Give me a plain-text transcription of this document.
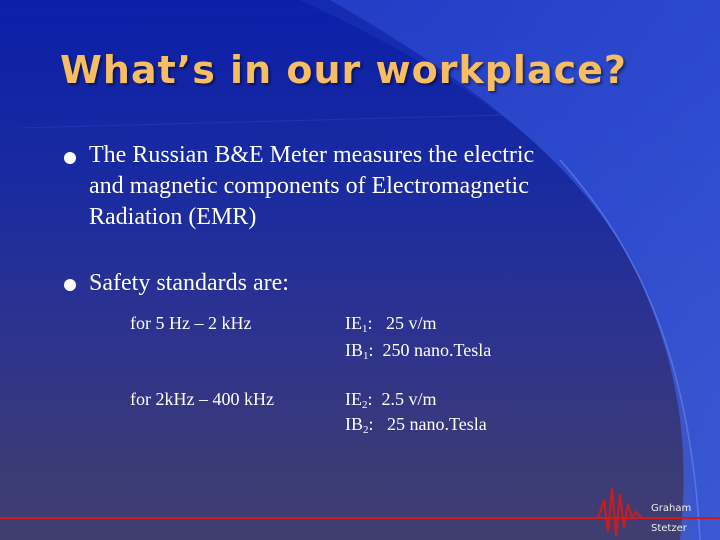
What’s in our workplace?
The Russian B&E Meter measures the electric
and magnetic components of Electromagnetic
Radiation (EMR)
Safety standards are:
for 5 Hz – 2 kHz	$IE_1$:   25 v/m
$IB_1$:  250 nano.Tesla
for 2kHz – 400 kHz	$IE_2$:  2.5 v/m
$IB_2$:   25 nano.Tesla
Graham
Stetzer
